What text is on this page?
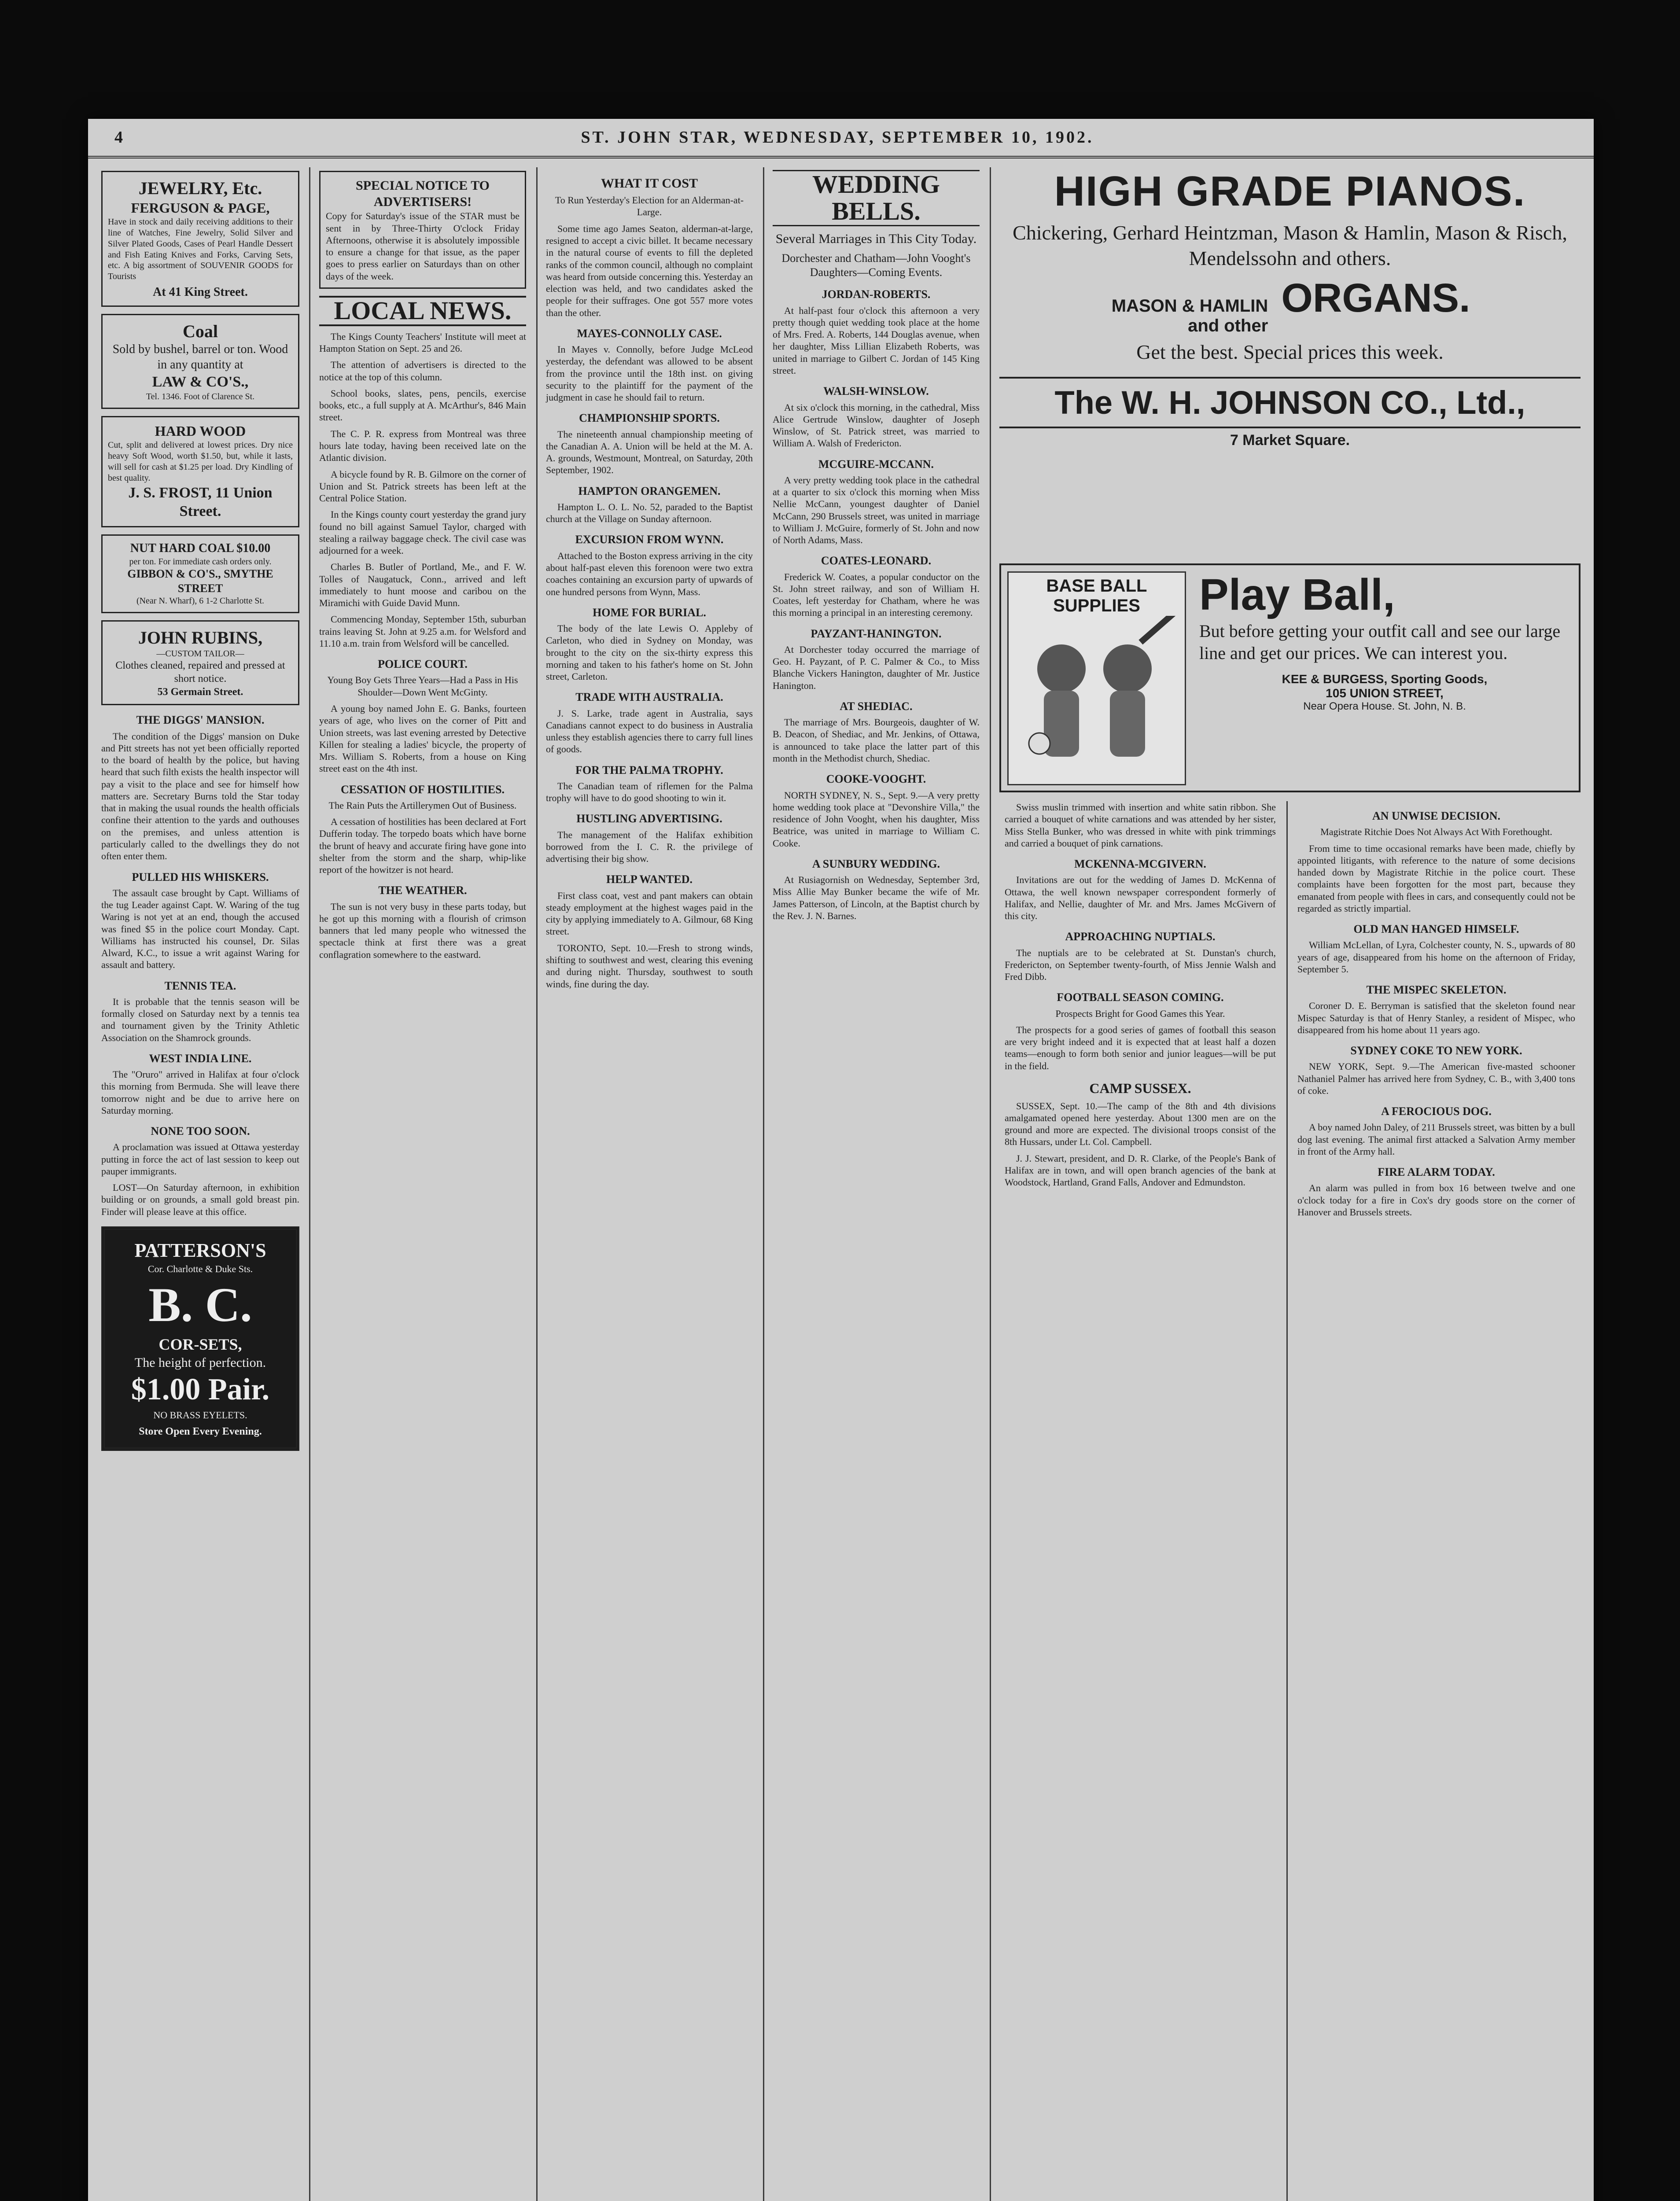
4	ST. JOHN STAR, WEDNESDAY, SEPTEMBER 10, 1902.
JEWELRY, Etc.
FERGUSON & PAGE,
Have in stock and daily receiving additions to their line of Watches, Fine Jewelry, Solid Silver and Silver Plated Goods, Cases of Pearl Handle Dessert and Fish Eating Knives and Forks, Carving Sets, etc. A big assortment of SOUVENIR GOODS for Tourists
At 41 King Street.
Coal
Sold by bushel, barrel or ton. Wood in any quantity at
LAW & CO'S.,
Tel. 1346. Foot of Clarence St.
HARD WOOD
Cut, split and delivered at lowest prices. Dry nice heavy Soft Wood, worth $1.50, but, while it lasts, will sell for cash at $1.25 per load. Dry Kindling of best quality.
J. S. FROST, 11 Union Street.
NUT HARD COAL $10.00
per ton. For immediate cash orders only.
GIBBON & CO'S., SMYTHE STREET
(Near N. Wharf), 6 1-2 Charlotte St.
JOHN RUBINS,
—CUSTOM TAILOR—
Clothes cleaned, repaired and pressed at short notice.
53 Germain Street.
THE DIGGS' MANSION.

The condition of the Diggs' mansion on Duke and Pitt streets has not yet been officially reported to the board of health by the police, but having heard that such filth exists the health inspector will pay a visit to the place and see for himself how matters are. Secretary Burns told the Star today that in making the usual rounds the health officials confine their attention to the yards and outhouses on the premises, and unless attention is particularly called to the dwellings they do not often enter them.

PULLED HIS WHISKERS.

The assault case brought by Capt. Williams of the tug Leader against Capt. W. Waring of the tug Waring is not yet at an end, though the accused was fined $5 in the police court Monday. Capt. Williams has instructed his counsel, Dr. Silas Alward, K.C., to issue a writ against Waring for assault and battery.

TENNIS TEA.

It is probable that the tennis season will be formally closed on Saturday next by a tennis tea and tournament given by the Trinity Athletic Association on the Shamrock grounds.

WEST INDIA LINE.

The "Oruro" arrived in Halifax at four o'clock this morning from Bermuda. She will leave there tomorrow night and be due to arrive here on Saturday morning.

NONE TOO SOON.

A proclamation was issued at Ottawa yesterday putting in force the act of last session to keep out pauper immigrants.

LOST—On Saturday afternoon, in exhibition building or on grounds, a small gold breast pin. Finder will please leave at this office.

PATTERSON'S
Cor. Charlotte & Duke Sts.
B. C.
COR-SETS,
The height of perfection.
$1.00 Pair.
NO BRASS EYELETS.
Store Open Every Evening.
SPECIAL NOTICE TO ADVERTISERS!
Copy for Saturday's issue of the STAR must be sent in by Three-Thirty O'clock Friday Afternoons, otherwise it is absolutely impossible to ensure a change for that issue, as the paper goes to press earlier on Saturdays than on other days of the week.
LOCAL NEWS.

The Kings County Teachers' Institute will meet at Hampton Station on Sept. 25 and 26.

The attention of advertisers is directed to the notice at the top of this column.

School books, slates, pens, pencils, exercise books, etc., a full supply at A. McArthur's, 846 Main street.

The C. P. R. express from Montreal was three hours late today, having been received late on the Atlantic division.

A bicycle found by R. B. Gilmore on the corner of Union and St. Patrick streets has been left at the Central Police Station.

In the Kings county court yesterday the grand jury found no bill against Samuel Taylor, charged with stealing a railway baggage check. The civil case was adjourned for a week.

Charles B. Butler of Portland, Me., and F. W. Tolles of Naugatuck, Conn., arrived and left immediately to hunt moose and caribou on the Miramichi with Guide David Munn.

Commencing Monday, September 15th, suburban trains leaving St. John at 9.25 a.m. for Welsford and 11.10 a.m. train from Welsford will be cancelled.

POLICE COURT.
Young Boy Gets Three Years—Had a Pass in His Shoulder—Down Went McGinty.

A young boy named John E. G. Banks, fourteen years of age, who lives on the corner of Pitt and Union streets, was last evening arrested by Detective Killen for stealing a ladies' bicycle, the property of Mrs. William S. Roberts, from a house on King street east on the 4th inst.

CESSATION OF HOSTILITIES.
The Rain Puts the Artillerymen Out of Business.

A cessation of hostilities has been declared at Fort Dufferin today. The torpedo boats which have borne the brunt of heavy and accurate firing have gone into shelter from the storm and the sharp, whip-like report of the howitzer is not heard.

THE WEATHER.

The sun is not very busy in these parts today, but he got up this morning with a flourish of crimson banners that led many people who witnessed the spectacle think at first there was a great conflagration somewhere to the eastward.

WHAT IT COST
To Run Yesterday's Election for an Alderman-at-Large.

Some time ago James Seaton, alderman-at-large, resigned to accept a civic billet. It became necessary in the natural course of events to fill the depleted ranks of the common council, although no complaint was heard from outside concerning this. Yesterday an election was held, and two candidates asked the people for their suffrages. One got 557 more votes than the other.

MAYES-CONNOLLY CASE.

In Mayes v. Connolly, before Judge McLeod yesterday, the defendant was allowed to be absent from the province until the 18th inst. on giving security to the plaintiff for the payment of the judgment in case he should fail to return.

CHAMPIONSHIP SPORTS.

The nineteenth annual championship meeting of the Canadian A. A. Union will be held at the M. A. A. grounds, Westmount, Montreal, on Saturday, 20th September, 1902.

HAMPTON ORANGEMEN.

Hampton L. O. L. No. 52, paraded to the Baptist church at the Village on Sunday afternoon.

EXCURSION FROM WYNN.

Attached to the Boston express arriving in the city about half-past eleven this forenoon were two extra coaches containing an excursion party of upwards of one hundred persons from Wynn, Mass.

HOME FOR BURIAL.

The body of the late Lewis O. Appleby of Carleton, who died in Sydney on Monday, was brought to the city on the six-thirty express this morning and taken to his father's home on St. John street, Carleton.

TRADE WITH AUSTRALIA.

J. S. Larke, trade agent in Australia, says Canadians cannot expect to do business in Australia unless they establish agencies there to carry full lines of goods.

FOR THE PALMA TROPHY.

The Canadian team of riflemen for the Palma trophy will have to do good shooting to win it.

HUSTLING ADVERTISING.

The management of the Halifax exhibition borrowed from the I. C. R. the privilege of advertising their big show.

HELP WANTED.

First class coat, vest and pant makers can obtain steady employment at the highest wages paid in the city by applying immediately to A. Gilmour, 68 King street.

TORONTO, Sept. 10.—Fresh to strong winds, shifting to southwest and west, clearing this evening and during night. Thursday, southwest to south winds, fine during the day.

WEDDING BELLS.
Several Marriages in This City Today.
Dorchester and Chatham—John Vooght's Daughters—Coming Events.
JORDAN-ROBERTS.

At half-past four o'clock this afternoon a very pretty though quiet wedding took place at the home of Mrs. Fred. A. Roberts, 144 Douglas avenue, when her daughter, Miss Lillian Elizabeth Roberts, was united in marriage to Gilbert C. Jordan of 145 King street.

WALSH-WINSLOW.

At six o'clock this morning, in the cathedral, Miss Alice Gertrude Winslow, daughter of Joseph Winslow, of St. Patrick street, was married to William A. Walsh of Fredericton.

MCGUIRE-MCCANN.

A very pretty wedding took place in the cathedral at a quarter to six o'clock this morning when Miss Nellie McCann, youngest daughter of Daniel McCann, 290 Brussels street, was united in marriage to William J. McGuire, formerly of St. John and now of North Adams, Mass.

COATES-LEONARD.

Frederick W. Coates, a popular conductor on the St. John street railway, and son of William H. Coates, left yesterday for Chatham, where he was this morning a principal in an interesting ceremony.

PAYZANT-HANINGTON.

At Dorchester today occurred the marriage of Geo. H. Payzant, of P. C. Palmer & Co., to Miss Blanche Vickers Hanington, daughter of Mr. Justice Hanington.

AT SHEDIAC.

The marriage of Mrs. Bourgeois, daughter of W. B. Deacon, of Shediac, and Mr. Jenkins, of Ottawa, is announced to take place the latter part of this month in the Methodist church, Shediac.

COOKE-VOOGHT.

NORTH SYDNEY, N. S., Sept. 9.—A very pretty home wedding took place at "Devonshire Villa," the residence of John Vooght, when his daughter, Miss Beatrice, was united in marriage to William C. Cooke.

A SUNBURY WEDDING.

At Rusiagornish on Wednesday, September 3rd, Miss Allie May Bunker became the wife of Mr. James Patterson, of Lincoln, at the Baptist church by the Rev. J. N. Barnes.

HIGH GRADE PIANOS.
Chickering, Gerhard Heintzman, Mason & Hamlin, Mason & Risch, Mendelssohn and others.
MASON & HAMLIN and other
ORGANS.
Get the best. Special prices this week.
The W. H. JOHNSON CO., Ltd.,
7 Market Square.
BASE BALL SUPPLIES	Play Ball,
But before getting your outfit call and see our large line and get our prices. We can interest you.
KEE & BURGESS, Sporting Goods,
105 UNION STREET,
Near Opera House. St. John, N. B.

Swiss muslin trimmed with insertion and white satin ribbon. She carried a bouquet of white carnations and was attended by her sister, Miss Stella Bunker, who was dressed in white with pink trimmings and carried a bouquet of pink carnations.

MCKENNA-MCGIVERN.

Invitations are out for the wedding of James D. McKenna of Ottawa, the well known newspaper correspondent formerly of Halifax, and Nellie, daughter of Mr. and Mrs. James McGivern of this city.

APPROACHING NUPTIALS.

The nuptials are to be celebrated at St. Dunstan's church, Fredericton, on September twenty-fourth, of Miss Jennie Walsh and Fred Dibb.

FOOTBALL SEASON COMING.
Prospects Bright for Good Games this Year.

The prospects for a good series of games of football this season are very bright indeed and it is expected that at least half a dozen teams—enough to form both senior and junior leagues—will be put in the field.

CAMP SUSSEX.

SUSSEX, Sept. 10.—The camp of the 8th and 4th divisions amalgamated opened here yesterday. About 1300 men are on the ground and more are expected. The divisional troops consist of the 8th Hussars, under Lt. Col. Campbell.

J. J. Stewart, president, and D. R. Clarke, of the People's Bank of Halifax are in town, and will open branch agencies of the bank at Woodstock, Hartland, Grand Falls, Andover and Edmundston.

AN UNWISE DECISION.
Magistrate Ritchie Does Not Always Act With Forethought.

From time to time occasional remarks have been made, chiefly by appointed litigants, with reference to the nature of some decisions handed down by Magistrate Ritchie in the police court. These complaints have been forgotten for the most part, because they emanated from people with flees in cars, and consequently could not be regarded as strictly impartial.

OLD MAN HANGED HIMSELF.

William McLellan, of Lyra, Colchester county, N. S., upwards of 80 years of age, disappeared from his home on the afternoon of Friday, September 5.

THE MISPEC SKELETON.

Coroner D. E. Berryman is satisfied that the skeleton found near Mispec Saturday is that of Henry Stanley, a resident of Mispec, who disappeared from his home about 11 years ago.

SYDNEY COKE TO NEW YORK.

NEW YORK, Sept. 9.—The American five-masted schooner Nathaniel Palmer has arrived here from Sydney, C. B., with 3,400 tons of coke.

A FEROCIOUS DOG.

A boy named John Daley, of 211 Brussels street, was bitten by a bull dog last evening. The animal first attacked a Salvation Army member in front of the Army hall.

FIRE ALARM TODAY.

An alarm was pulled in from box 16 between twelve and one o'clock today for a fire in Cox's dry goods store on the corner of Hanover and Brussels streets.
